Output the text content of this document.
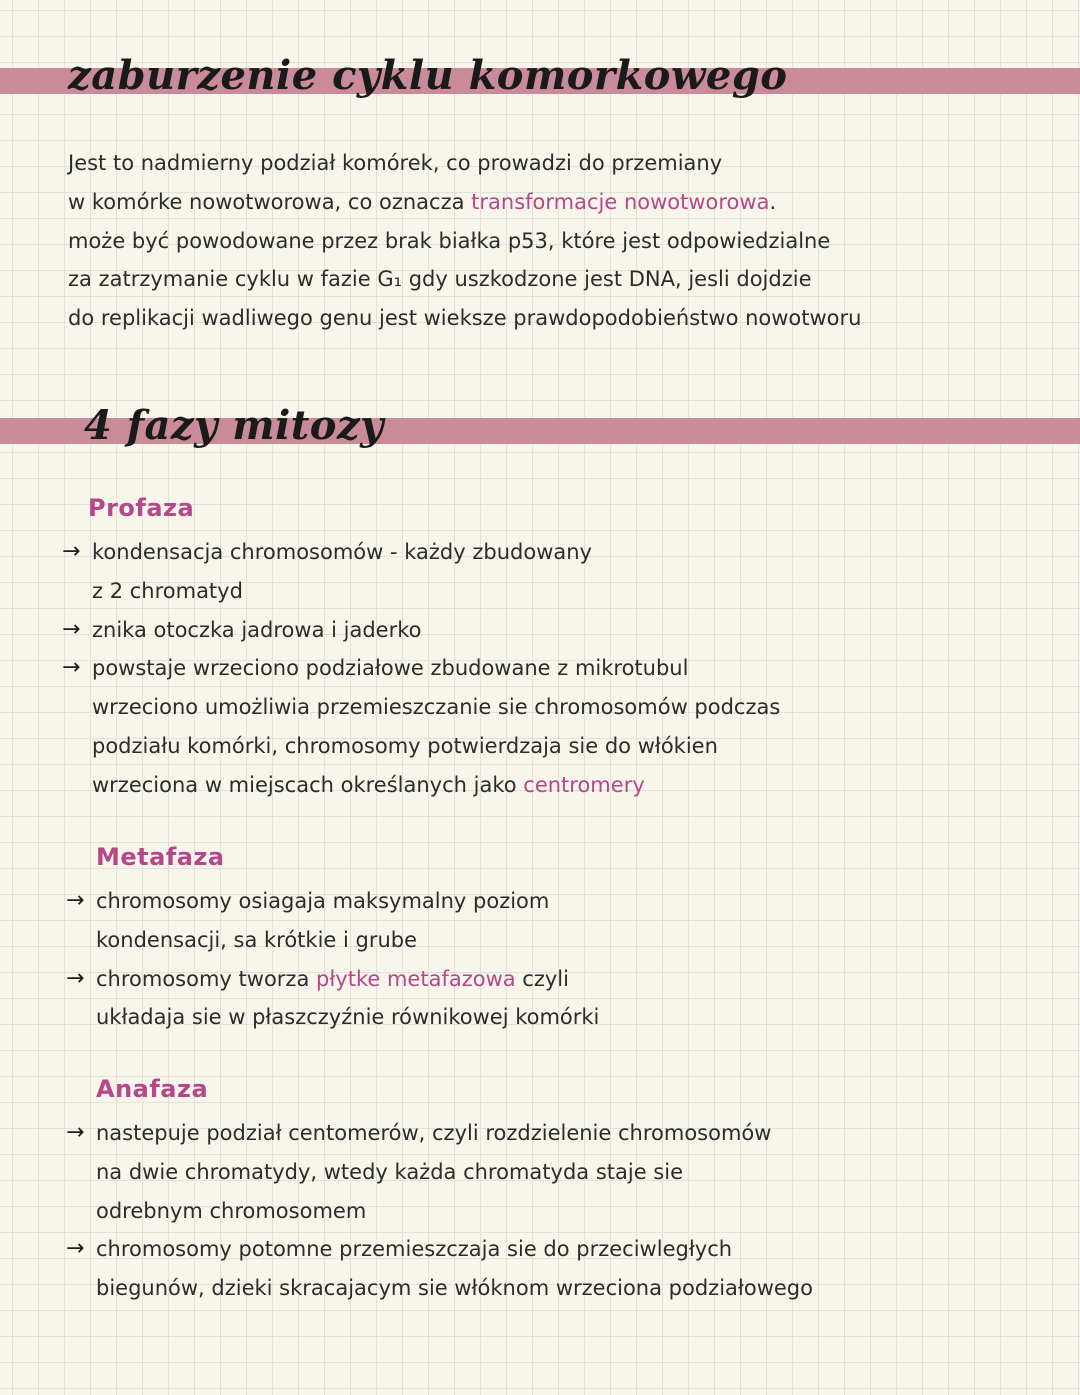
zaburzenie cyklu komorkowego
Jest to nadmierny podział komórek, co prowadzi do przemiany
w komórke nowotworowa, co oznacza transformacje nowotworowa.
może być powodowane przez brak białka p53, które jest odpowiedzialne
za zatrzymanie cyklu w fazie G₁ gdy uszkodzone jest DNA, jesli dojdzie
do replikacji wadliwego genu jest wieksze prawdopodobieństwo nowotworu
4 fazy mitozy
Profaza
→ kondensacja chromosomów - każdy zbudowany
z 2 chromatyd
→ znika otoczka jadrowa i jaderko
→ powstaje wrzeciono podziałowe zbudowane z mikrotubul
wrzeciono umożliwia przemieszczanie sie chromosomów podczas
podziału komórki, chromosomy potwierdzaja sie do włókien
wrzeciona w miejscach określanych jako centromery
Metafaza
→ chromosomy osiagaja maksymalny poziom
kondensacji, sa krótkie i grube
→ chromosomy tworza płytke metafazowa czyli
układaja sie w płaszczyźnie równikowej komórki
Anafaza
→ nastepuje podział centomerów, czyli rozdzielenie chromosomów
na dwie chromatydy, wtedy każda chromatyda staje sie
odrebnym chromosomem
→ chromosomy potomne przemieszczaja sie do przeciwległych
biegunów, dzieki skracajacym sie włóknom wrzeciona podziałowego
